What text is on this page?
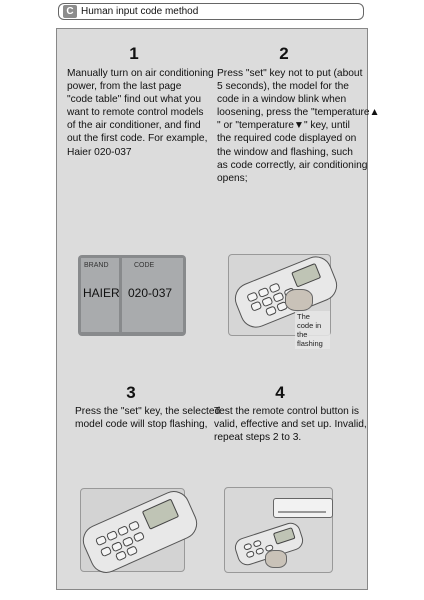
C Human input code method
1
Manually turn on air conditioning
power, from the last page
"code table" find out what you
want to remote control models
of the air conditioner, and find
out the first code. For example,
Haier 020-037
2
Press "set" key not to put (about
5 seconds), the model for the
code in a window blink when
loosening, press the "temperature▲
" or "temperature▼" key, until
the required code displayed on
the window and flashing, such
as code correctly, air conditioning
opens;
BRAND
HAIER
CODE
020-037
The code in
the flashing
3
Press the "set" key, the selected
model code will stop flashing,
4
Test the remote control button is
valid, effective and set up. Invalid,
repeat steps 2 to 3.
